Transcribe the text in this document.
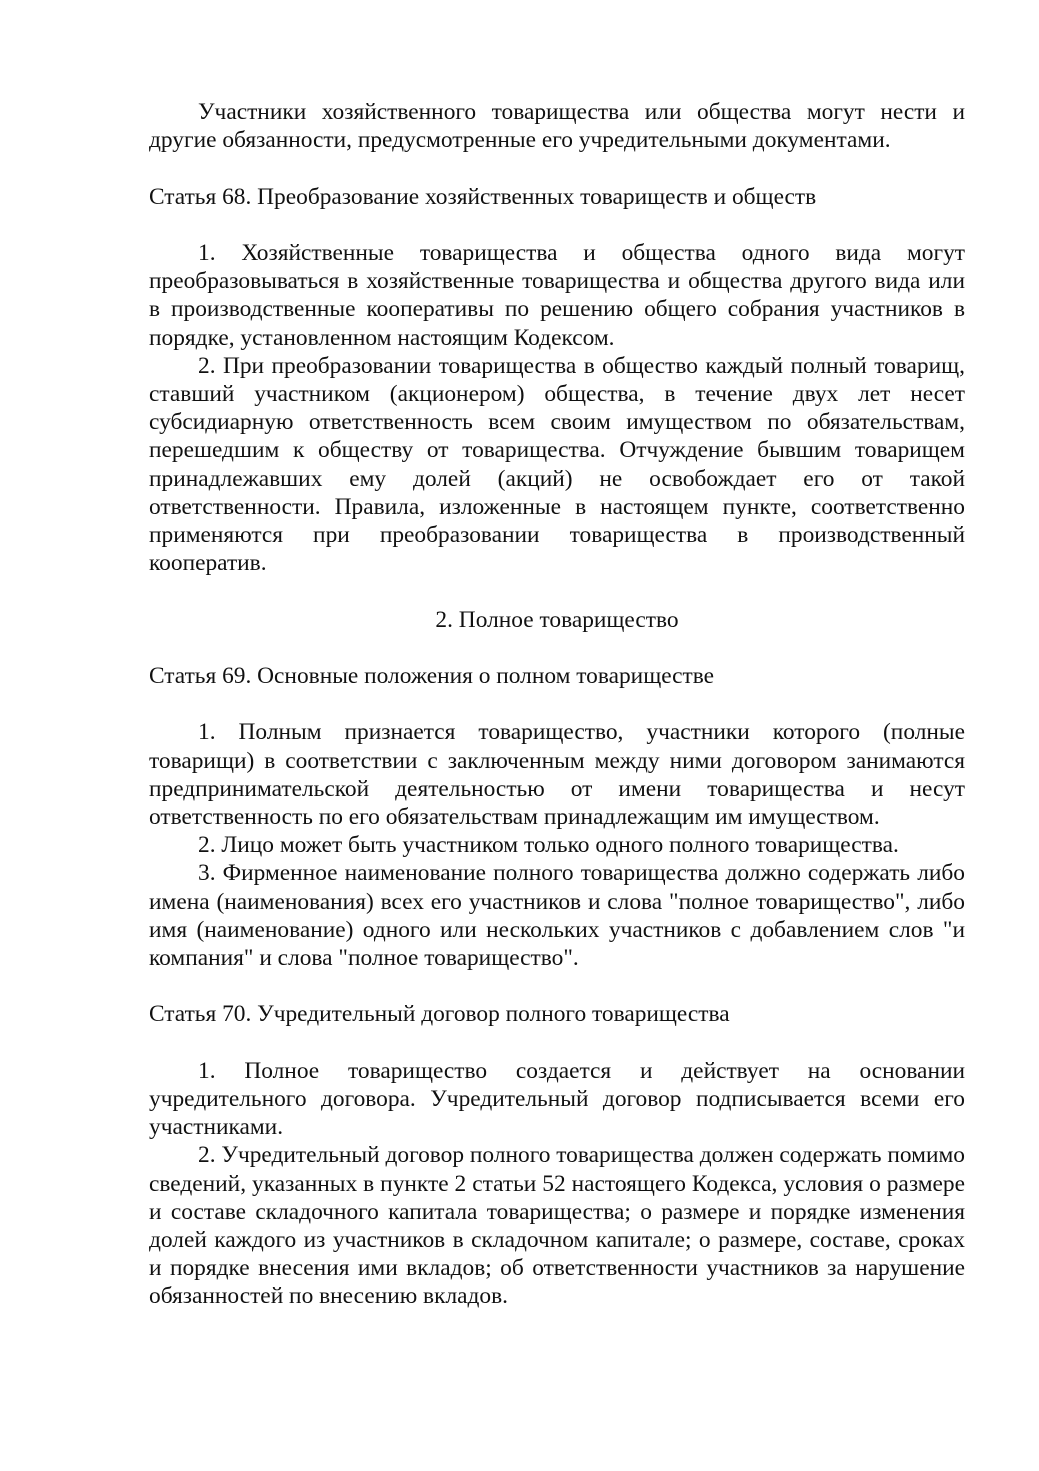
Участники хозяйственного товарищества или общества могут нести и другие обязанности, предусмотренные его учредительными документами.

Статья 68. Преобразование хозяйственных товариществ и обществ

1. Хозяйственные товарищества и общества одного вида могут преобразовываться в хозяйственные товарищества и общества другого вида или в производственные кооперативы по решению общего собрания участников в порядке, установленном настоящим Кодексом.

2. При преобразовании товарищества в общество каждый полный товарищ, ставший участником (акционером) общества, в течение двух лет несет субсидиарную ответственность всем своим имуществом по обязательствам, перешедшим к обществу от товарищества. Отчуждение бывшим товарищем принадлежавших ему долей (акций) не освобождает его от такой ответственности. Правила, изложенные в настоящем пункте, соответственно применяются при преобразовании товарищества в производственный кооператив.

2. Полное товарищество

Статья 69. Основные положения о полном товариществе

1. Полным признается товарищество, участники которого (полные товарищи) в соответствии с заключенным между ними договором занимаются предпринимательской деятельностью от имени товарищества и несут ответственность по его обязательствам принадлежащим им имуществом.

2. Лицо может быть участником только одного полного товарищества.

3. Фирменное наименование полного товарищества должно содержать либо имена (наименования) всех его участников и слова "полное товарищество", либо имя (наименование) одного или нескольких участников с добавлением слов "и компания" и слова "полное товарищество".

Статья 70. Учредительный договор полного товарищества

1. Полное товарищество создается и действует на основании учредительного договора. Учредительный договор подписывается всеми его участниками.

2. Учредительный договор полного товарищества должен содержать помимо сведений, указанных в пункте 2 статьи 52 настоящего Кодекса, условия о размере и составе складочного капитала товарищества; о размере и порядке изменения долей каждого из участников в складочном капитале; о размере, составе, сроках и порядке внесения ими вкладов; об ответственности участников за нарушение обязанностей по внесению вкладов.
